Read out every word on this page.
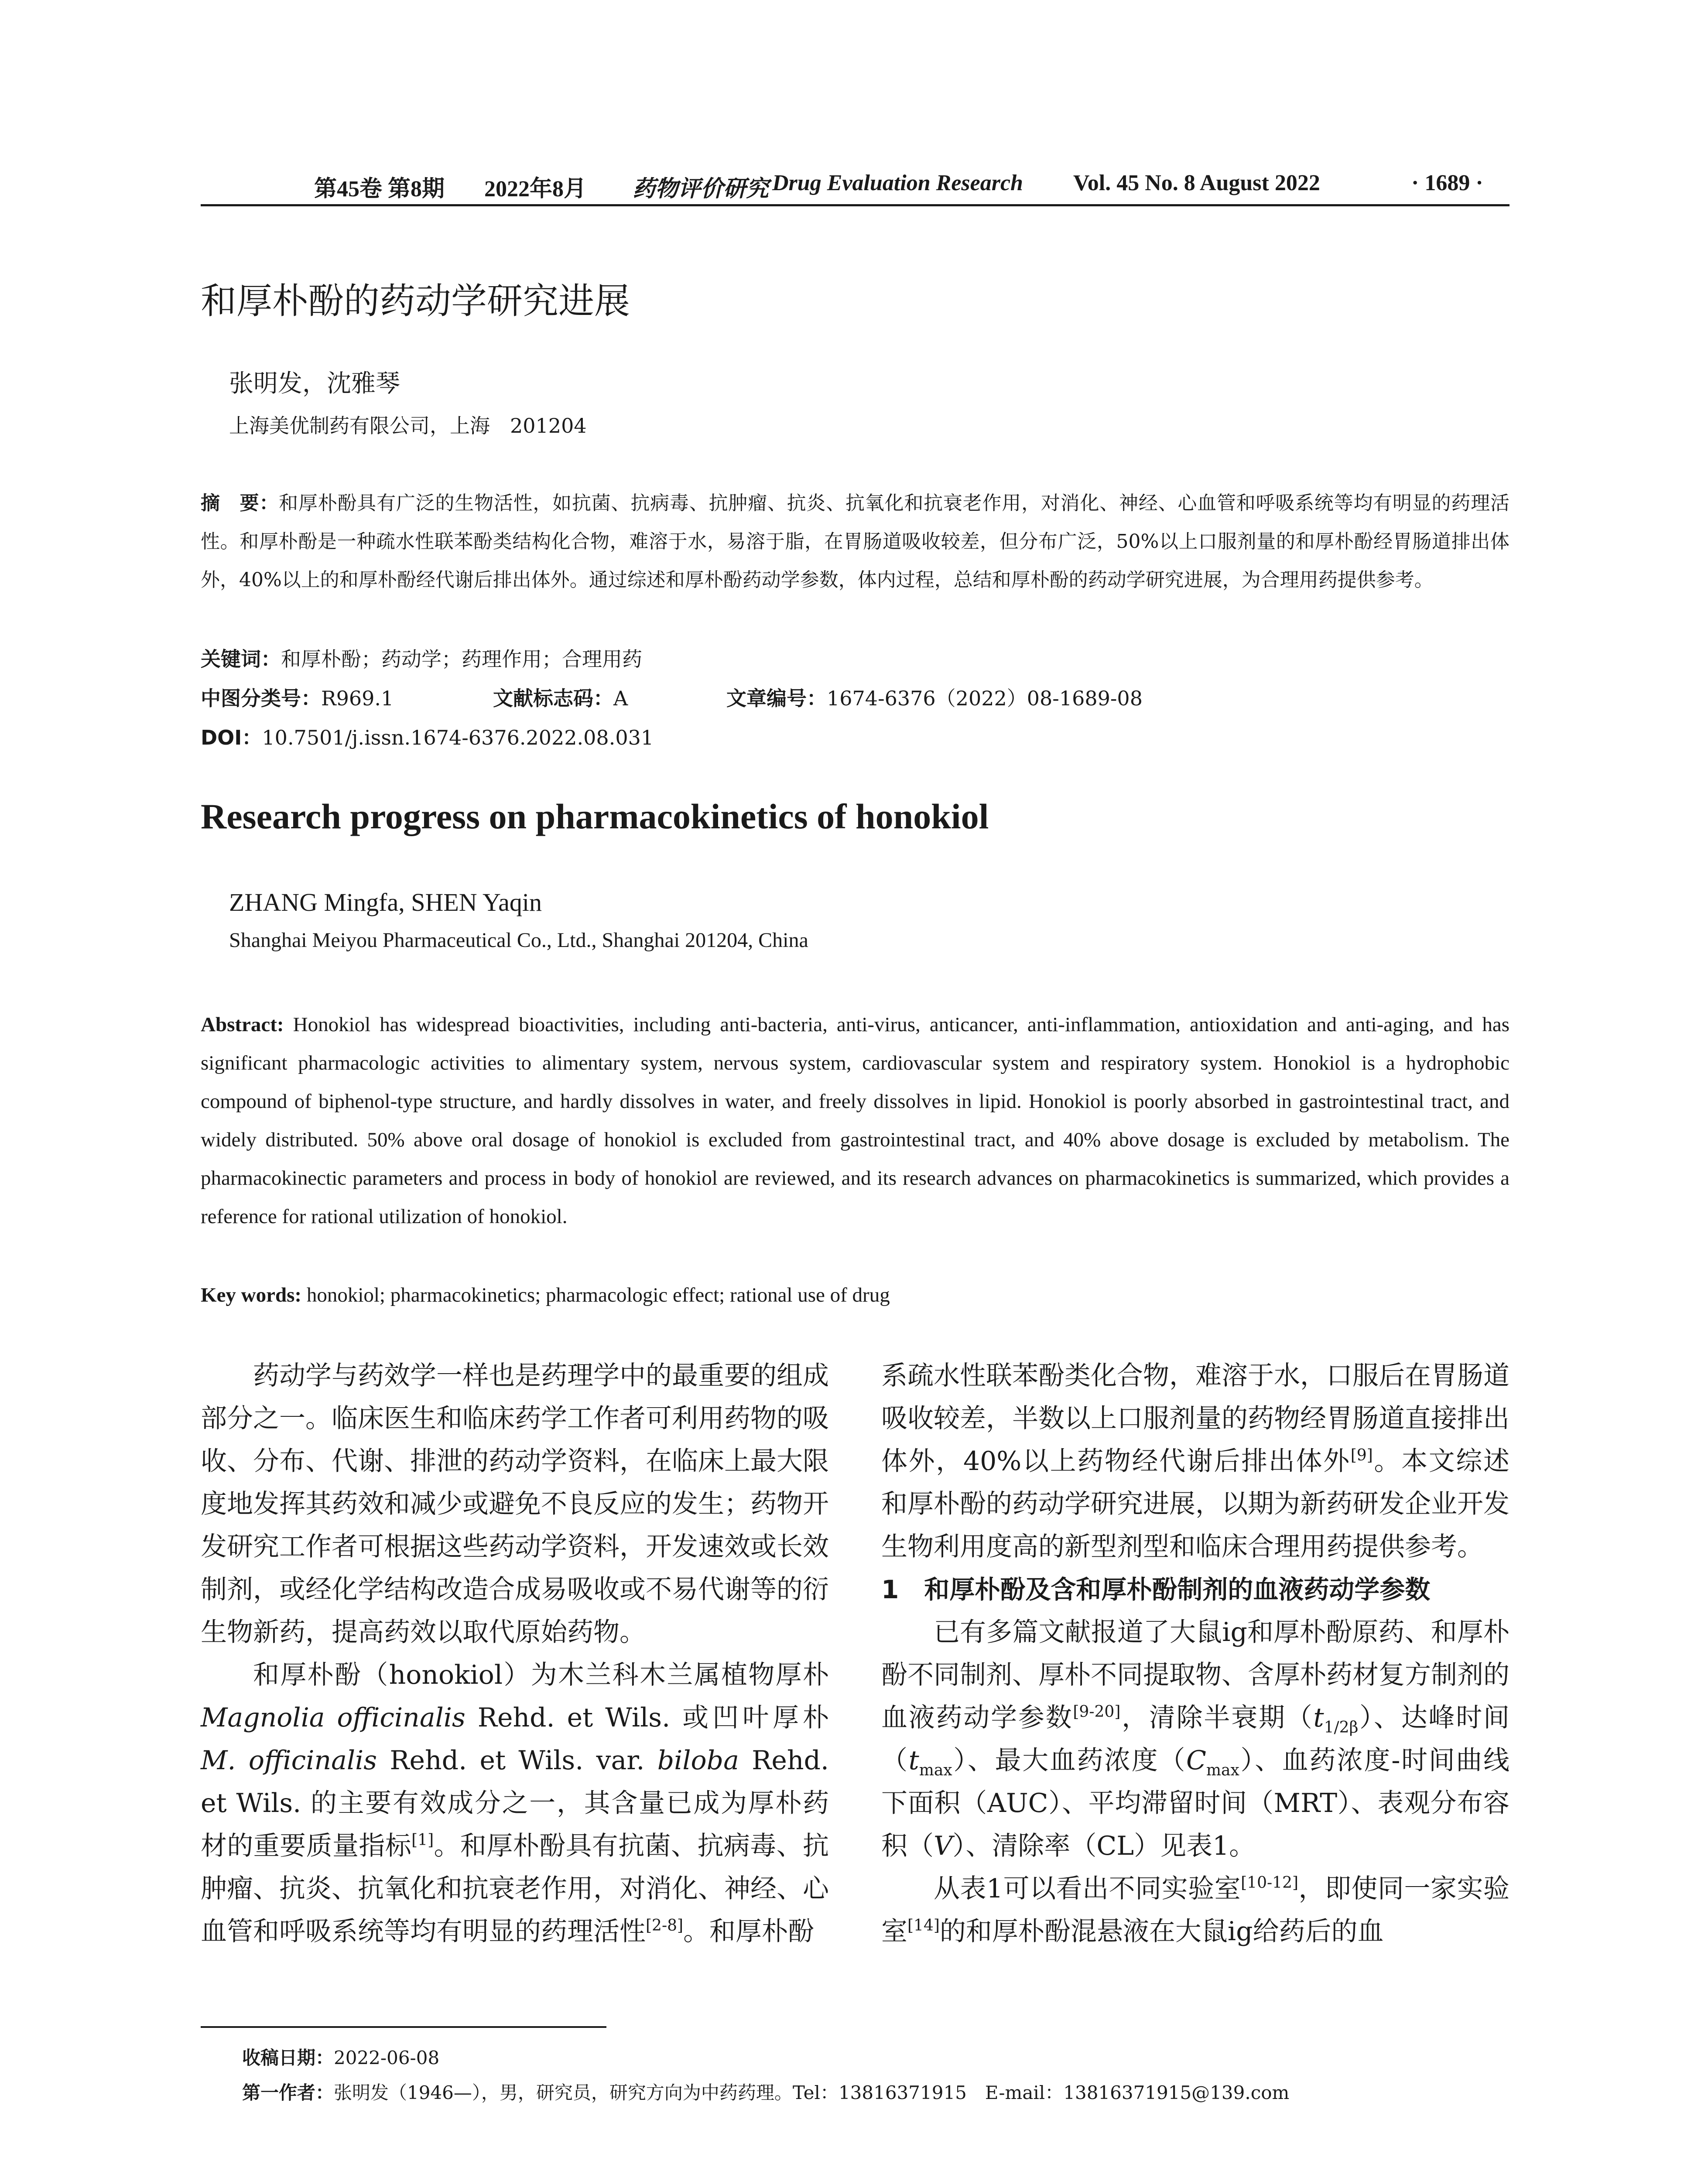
第45卷 第8期 2022年8月 药物评价研究 Drug Evaluation Research Vol. 45 No. 8 August 2022	· 1689 ·
和厚朴酚的药动学研究进展
张明发，沈雅琴
上海美优制药有限公司，上海　201204
摘　要：和厚朴酚具有广泛的生物活性，如抗菌、抗病毒、抗肿瘤、抗炎、抗氧化和抗衰老作用，对消化、神经、心血管和呼吸系统等均有明显的药理活性。和厚朴酚是一种疏水性联苯酚类结构化合物，难溶于水，易溶于脂，在胃肠道吸收较差，但分布广泛，50%以上口服剂量的和厚朴酚经胃肠道排出体外，40%以上的和厚朴酚经代谢后排出体外。通过综述和厚朴酚药动学参数，体内过程，总结和厚朴酚的药动学研究进展，为合理用药提供参考。
关键词：和厚朴酚；药动学；药理作用；合理用药
中图分类号：R969.1	文献标志码：A	文章编号：1674-6376（2022）08-1689-08
DOI：10.7501/j.issn.1674-6376.2022.08.031
Research progress on pharmacokinetics of honokiol
ZHANG Mingfa, SHEN Yaqin
Shanghai Meiyou Pharmaceutical Co., Ltd., Shanghai 201204, China
Abstract: Honokiol has widespread bioactivities, including anti-bacteria, anti-virus, anticancer, anti-inflammation, antioxidation and anti-aging, and has significant pharmacologic activities to alimentary system, nervous system, cardiovascular system and respiratory system. Honokiol is a hydrophobic compound of biphenol-type structure, and hardly dissolves in water, and freely dissolves in lipid. Honokiol is poorly absorbed in gastrointestinal tract, and widely distributed. 50% above oral dosage of honokiol is excluded from gastrointestinal tract, and 40% above dosage is excluded by metabolism. The pharmacokinectic parameters and process in body of honokiol are reviewed, and its research advances on pharmacokinetics is summarized, which provides a reference for rational utilization of honokiol.
Key words: honokiol; pharmacokinetics; pharmacologic effect; rational use of drug

药动学与药效学一样也是药理学中的最重要的组成部分之一。临床医生和临床药学工作者可利用药物的吸收、分布、代谢、排泄的药动学资料，在临床上最大限度地发挥其药效和减少或避免不良反应的发生；药物开发研究工作者可根据这些药动学资料，开发速效或长效制剂，或经化学结构改造合成易吸收或不易代谢等的衍生物新药，提高药效以取代原始药物。

和厚朴酚（honokiol）为木兰科木兰属植物厚朴 Magnolia officinalis Rehd. et Wils. 或凹叶厚朴 M. officinalis Rehd. et Wils. var. biloba Rehd. et Wils. 的主要有效成分之一，其含量已成为厚朴药材的重要质量指标[1]。和厚朴酚具有抗菌、抗病毒、抗肿瘤、抗炎、抗氧化和抗衰老作用，对消化、神经、心血管和呼吸系统等均有明显的药理活性[2-8]。和厚朴酚

系疏水性联苯酚类化合物，难溶于水，口服后在胃肠道吸收较差，半数以上口服剂量的药物经胃肠道直接排出体外，40%以上药物经代谢后排出体外[9]。本文综述和厚朴酚的药动学研究进展，以期为新药研发企业开发生物利用度高的新型剂型和临床合理用药提供参考。

1　和厚朴酚及含和厚朴酚制剂的血液药动学参数

已有多篇文献报道了大鼠ig和厚朴酚原药、和厚朴酚不同制剂、厚朴不同提取物、含厚朴药材复方制剂的血液药动学参数[9-20]，清除半衰期$(t_{1/2\beta})$、达峰时间$(t_{max})$、最大血药浓度$(C_{max})$、血药浓度-时间曲线下面积（AUC）、平均滞留时间（MRT）、表观分布容积（V）、清除率（CL）见表1。

从表1可以看出不同实验室[10-12]，即使同一家实验室[14]的和厚朴酚混悬液在大鼠ig给药后的血

收稿日期：2022-06-08
第一作者：张明发（1946—），男，研究员，研究方向为中药药理。Tel：13816371915　E-mail：13816371915@139.com
